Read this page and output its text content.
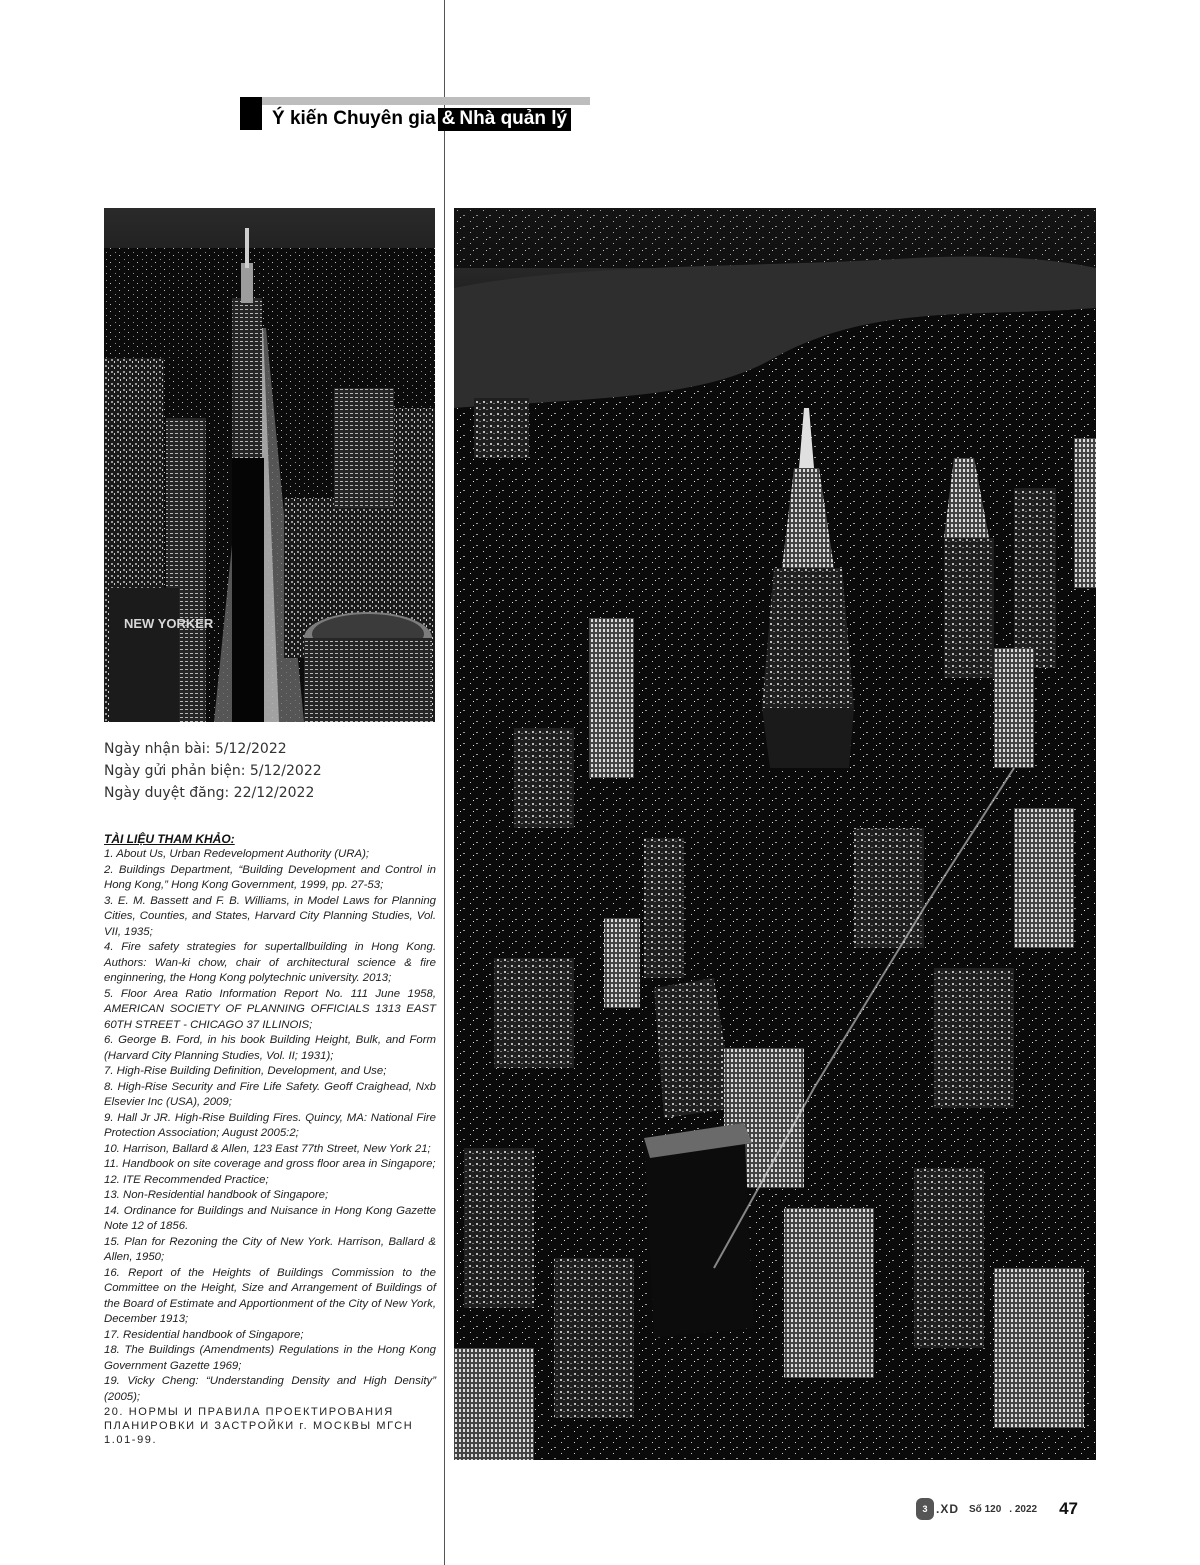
Ý kiến Chuyên gia & Nhà quản lý
NEW YORKER
Ngày nhận bài: 5/12/2022
Ngày gửi phản biện: 5/12/2022
Ngày duyệt đăng: 22/12/2022
TÀI LIỆU THAM KHẢO:
1. About Us, Urban Redevelopment Authority (URA);
2. Buildings Department, “Building Development and Control in Hong Kong,” Hong Kong Government, 1999, pp. 27-53;
3. E. M. Bassett and F. B. Williams, in Model Laws for Planning Cities, Counties, and States, Harvard City Planning Studies, Vol. VII, 1935;
4. Fire safety strategies for supertallbuilding in Hong Kong. Authors: Wan-ki chow, chair of architectural science & fire enginnering, the Hong Kong polytechnic university. 2013;
5. Floor Area Ratio Information Report No. 111 June 1958, AMERICAN SOCIETY OF PLANNING OFFICIALS 1313 EAST 60TH STREET - CHICAGO 37 ILLINOIS;
6. George B. Ford, in his book Building Height, Bulk, and Form (Harvard City Planning Studies, Vol. II; 1931);
7. High-Rise Building Definition, Development, and Use;
8. High-Rise Security and Fire Life Safety. Geoff Craighead, Nxb Elsevier Inc (USA), 2009;
9. Hall Jr JR. High-Rise Building Fires. Quincy, MA: National Fire Protection Association; August 2005:2;
10. Harrison, Ballard & Allen, 123 East 77th Street, New York 21;
11. Handbook on site coverage and gross floor area in Singapore;
12. ITE Recommended Practice;
13. Non-Residential handbook of Singapore;
14. Ordinance for Buildings and Nuisance in Hong Kong Gazette Note 12 of 1856.
15. Plan for Rezoning the City of New York. Harrison, Ballard & Allen, 1950;
16. Report of the Heights of Buildings Commission to the Committee on the Height, Size and Arrangement of Buildings of the Board of Estimate and Apportionment of the City of New York, December 1913;
17. Residential handbook of Singapore;
18. The Buildings (Amendments) Regulations in the Hong Kong Government Gazette 1969;
19. Vicky Cheng: “Understanding Density and High Density” (2005);
20. НОРМЫ И ПРАВИЛА ПРОЕКТИРОВАНИЯ ПЛАНИРОВКИ И ЗАСТРОЙКИ г. МОСКВЫ МГСН 1.01-99.
3 .XD Số 120 . 2022 47
